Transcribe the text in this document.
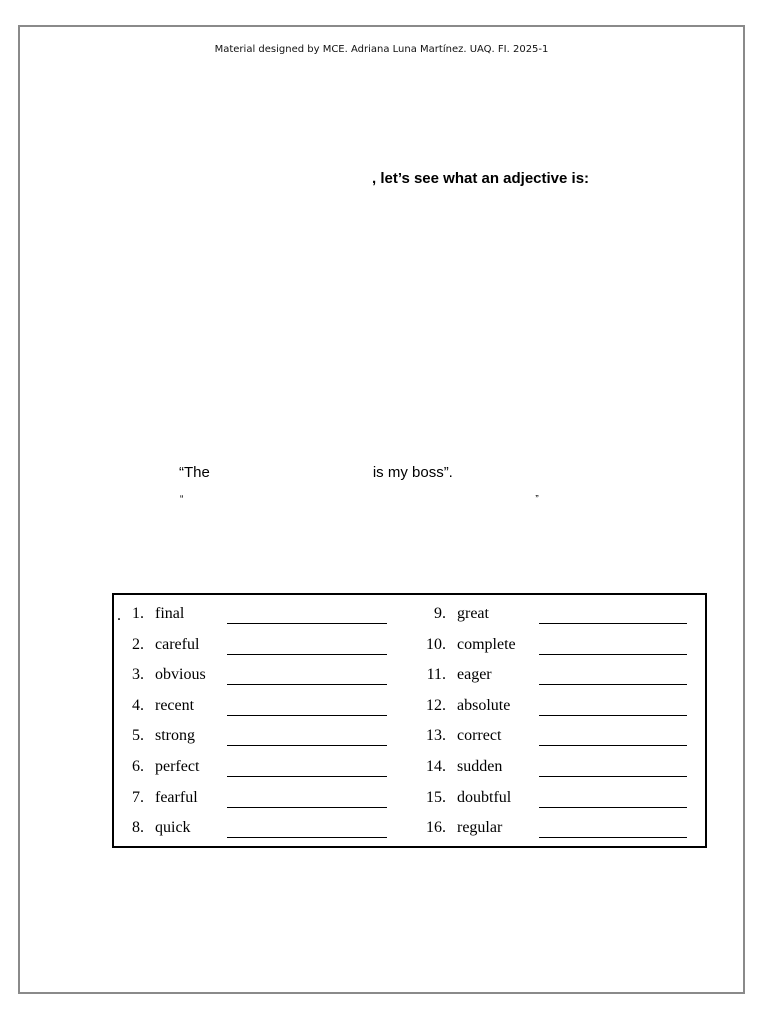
Material designed by MCE. Adriana Luna Martínez. UAQ. FI. 2025-1
, let’s see what an adjective is:
“The	is my boss”.
“	”
. 1. final
2. careful
3. obvious
4. recent
5. strong
6. perfect
7. fearful
8. quick
9. great
10. complete
11. eager
12. absolute
13. correct
14. sudden
15. doubtful
16. regular
